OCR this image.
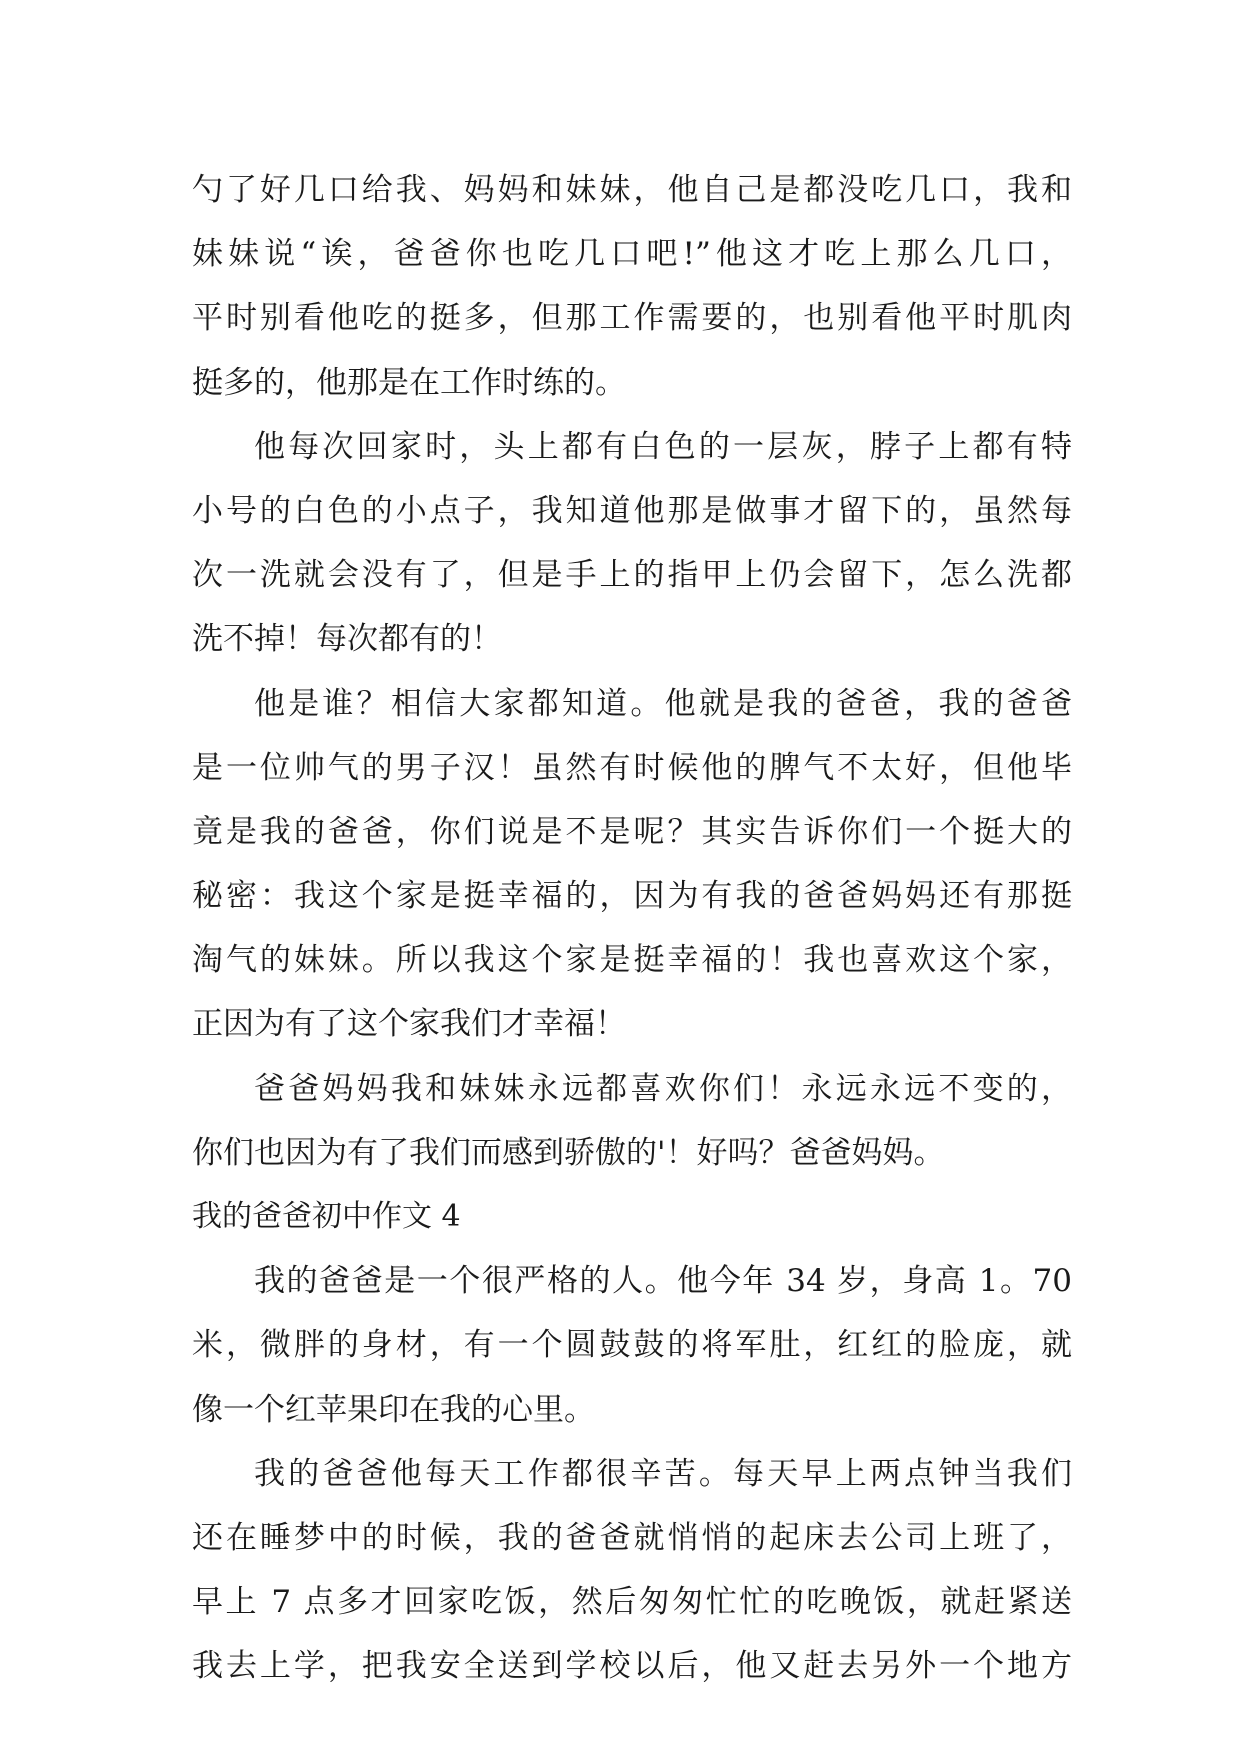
勺了好几口给我、妈妈和妹妹，他自己是都没吃几口，我和
妹妹说“诶，爸爸你也吃几口吧!”他这才吃上那么几口，
平时别看他吃的挺多，但那工作需要的，也别看他平时肌肉
挺多的，他那是在工作时练的。
他每次回家时，头上都有白色的一层灰，脖子上都有特
小号的白色的小点子，我知道他那是做事才留下的，虽然每
次一洗就会没有了，但是手上的指甲上仍会留下，怎么洗都
洗不掉！每次都有的！
他是谁？相信大家都知道。他就是我的爸爸，我的爸爸
是一位帅气的男子汉！虽然有时候他的脾气不太好，但他毕
竟是我的爸爸，你们说是不是呢？其实告诉你们一个挺大的
秘密：我这个家是挺幸福的，因为有我的爸爸妈妈还有那挺
淘气的妹妹。所以我这个家是挺幸福的！我也喜欢这个家，
正因为有了这个家我们才幸福！
爸爸妈妈我和妹妹永远都喜欢你们！永远永远不变的，
你们也因为有了我们而感到骄傲的'！好吗？爸爸妈妈。
我的爸爸初中作文 4
我的爸爸是一个很严格的人。他今年 34 岁，身高 1。70
米，微胖的身材，有一个圆鼓鼓的将军肚，红红的脸庞，就
像一个红苹果印在我的心里。
我的爸爸他每天工作都很辛苦。每天早上两点钟当我们
还在睡梦中的时候，我的爸爸就悄悄的起床去公司上班了，
早上 7 点多才回家吃饭，然后匆匆忙忙的吃晚饭，就赶紧送
我去上学，把我安全送到学校以后，他又赶去另外一个地方
